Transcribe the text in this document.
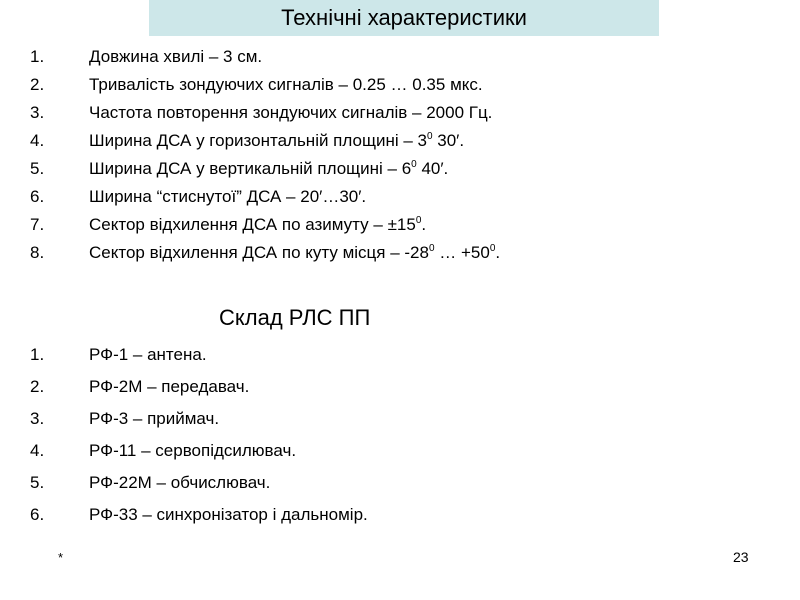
Технічні характеристики
1.	Довжина хвилі – 3 см.
2.	Тривалість зондуючих сигналів – 0.25 … 0.35 мкс.
3.	Частота повторення зондуючих сигналів – 2000 Гц.
4.	Ширина ДСА у горизонтальній площині – $3^0$ 30′.
5.	Ширина ДСА у вертикальній площині – $6^0$ 40′.
6.	Ширина “стиснутої” ДСА – 20′…30′.
7.	Сектор відхилення ДСА по азимуту – $\pm 15^0$.
8.	Сектор відхилення ДСА по куту місця – $-28^0$ … $+50^0$.
Склад РЛС ПП
1.	РФ-1 – антена.
2.	РФ-2М – передавач.
3.	РФ-3 – приймач.
4.	РФ-11 – сервопідсилювач.
5.	РФ-22М – обчислювач.
6.	РФ-33 – синхронізатор і дальномір.
*	23
